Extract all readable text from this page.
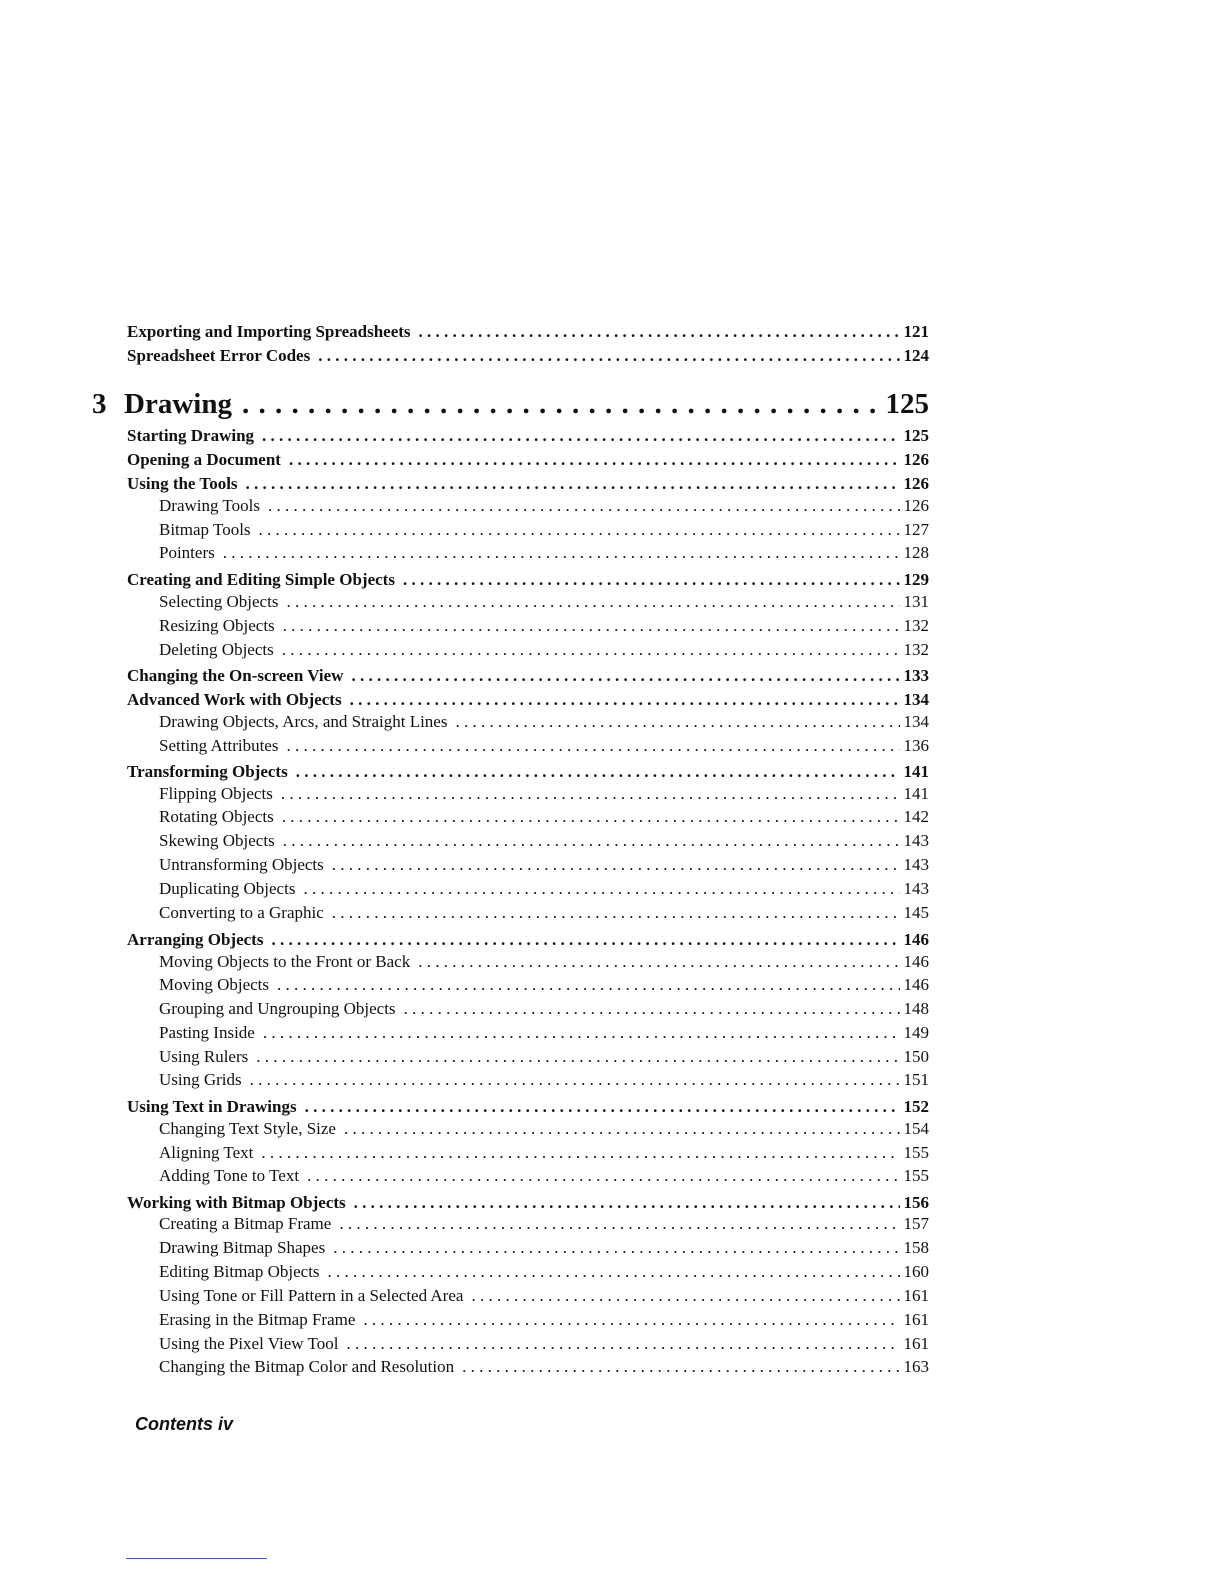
Exporting and Importing Spreadsheets . . .	121
Spreadsheet Error Codes . . .	124
3 Drawing . . .	125
Starting Drawing . . .	125
Opening a Document . . .	126
Using the Tools . . .	126
Drawing Tools . . .	126
Bitmap Tools . . .	127
Pointers . . .	128
Creating and Editing Simple Objects . . .	129
Selecting Objects . . .	131
Resizing Objects . . .	132
Deleting Objects . . .	132
Changing the On-screen View . . .	133
Advanced Work with Objects . . .	134
Drawing Objects, Arcs, and Straight Lines . . .	134
Setting Attributes . . .	136
Transforming Objects . . .	141
Flipping Objects . . .	141
Rotating Objects . . .	142
Skewing Objects . . .	143
Untransforming Objects . . .	143
Duplicating Objects . . .	143
Converting to a Graphic . . .	145
Arranging Objects . . .	146
Moving Objects to the Front or Back . . .	146
Moving Objects . . .	146
Grouping and Ungrouping Objects . . .	148
Pasting Inside . . .	149
Using Rulers . . .	150
Using Grids . . .	151
Using Text in Drawings . . .	152
Changing Text Style, Size . . .	154
Aligning Text . . .	155
Adding Tone to Text . . .	155
Working with Bitmap Objects . . .	156
Creating a Bitmap Frame . . .	157
Drawing Bitmap Shapes . . .	158
Editing Bitmap Objects . . .	160
Using Tone or Fill Pattern in a Selected Area . . .	161
Erasing in the Bitmap Frame . . .	161
Using the Pixel View Tool . . .	161
Changing the Bitmap Color and Resolution . . .	163
Contents iv
